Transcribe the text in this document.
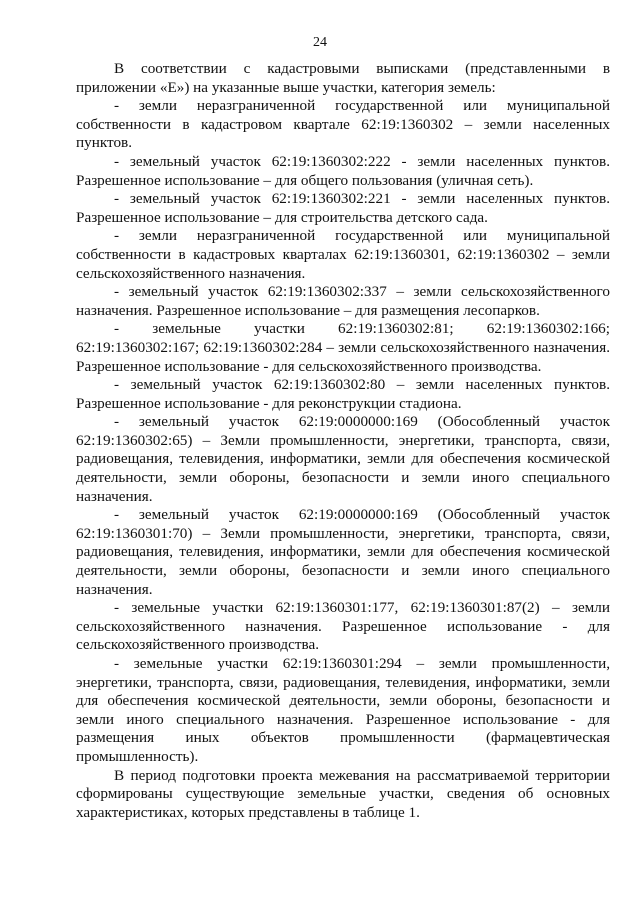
24

В соответствии с кадастровыми выписками (представленными в приложении «Е») на указанные выше участки, категория земель:

- земли неразграниченной государственной или муниципальной собственности в кадастровом квартале 62:19:1360302 – земли населенных пунктов.

- земельный участок 62:19:1360302:222 - земли населенных пунктов. Разрешенное использование – для общего пользования (уличная сеть).

- земельный участок 62:19:1360302:221 - земли населенных пунктов. Разрешенное использование – для строительства детского сада.

- земли неразграниченной государственной или муниципальной собственности в кадастровых кварталах 62:19:1360301, 62:19:1360302 – земли сельскохозяйственного назначения.

- земельный участок 62:19:1360302:337 – земли сельскохозяйственного назначения. Разрешенное использование – для размещения лесопарков.

- земельные участки 62:19:1360302:81; 62:19:1360302:166; 62:19:1360302:167; 62:19:1360302:284 – земли сельскохозяйственного назначения. Разрешенное использование - для сельскохозяйственного производства.

- земельный участок 62:19:1360302:80 – земли населенных пунктов. Разрешенное использование - для реконструкции стадиона.

- земельный участок 62:19:0000000:169 (Обособленный участок 62:19:1360302:65) – Земли промышленности, энергетики, транспорта, связи, радиовещания, телевидения, информатики, земли для обеспечения космической деятельности, земли обороны, безопасности и земли иного специального назначения.

- земельный участок 62:19:0000000:169 (Обособленный участок 62:19:1360301:70) – Земли промышленности, энергетики, транспорта, связи, радиовещания, телевидения, информатики, земли для обеспечения космической деятельности, земли обороны, безопасности и земли иного специального назначения.

- земельные участки 62:19:1360301:177, 62:19:1360301:87(2) – земли сельскохозяйственного назначения. Разрешенное использование - для сельскохозяйственного производства.

- земельные участки 62:19:1360301:294 – земли промышленности, энергетики, транспорта, связи, радиовещания, телевидения, информатики, земли для обеспечения космической деятельности, земли обороны, безопасности и земли иного специального назначения. Разрешенное использование - для размещения иных объектов промышленности (фармацевтическая промышленность).

В период подготовки проекта межевания на рассматриваемой территории сформированы существующие земельные участки, сведения об основных характеристиках, которых представлены в таблице 1.
